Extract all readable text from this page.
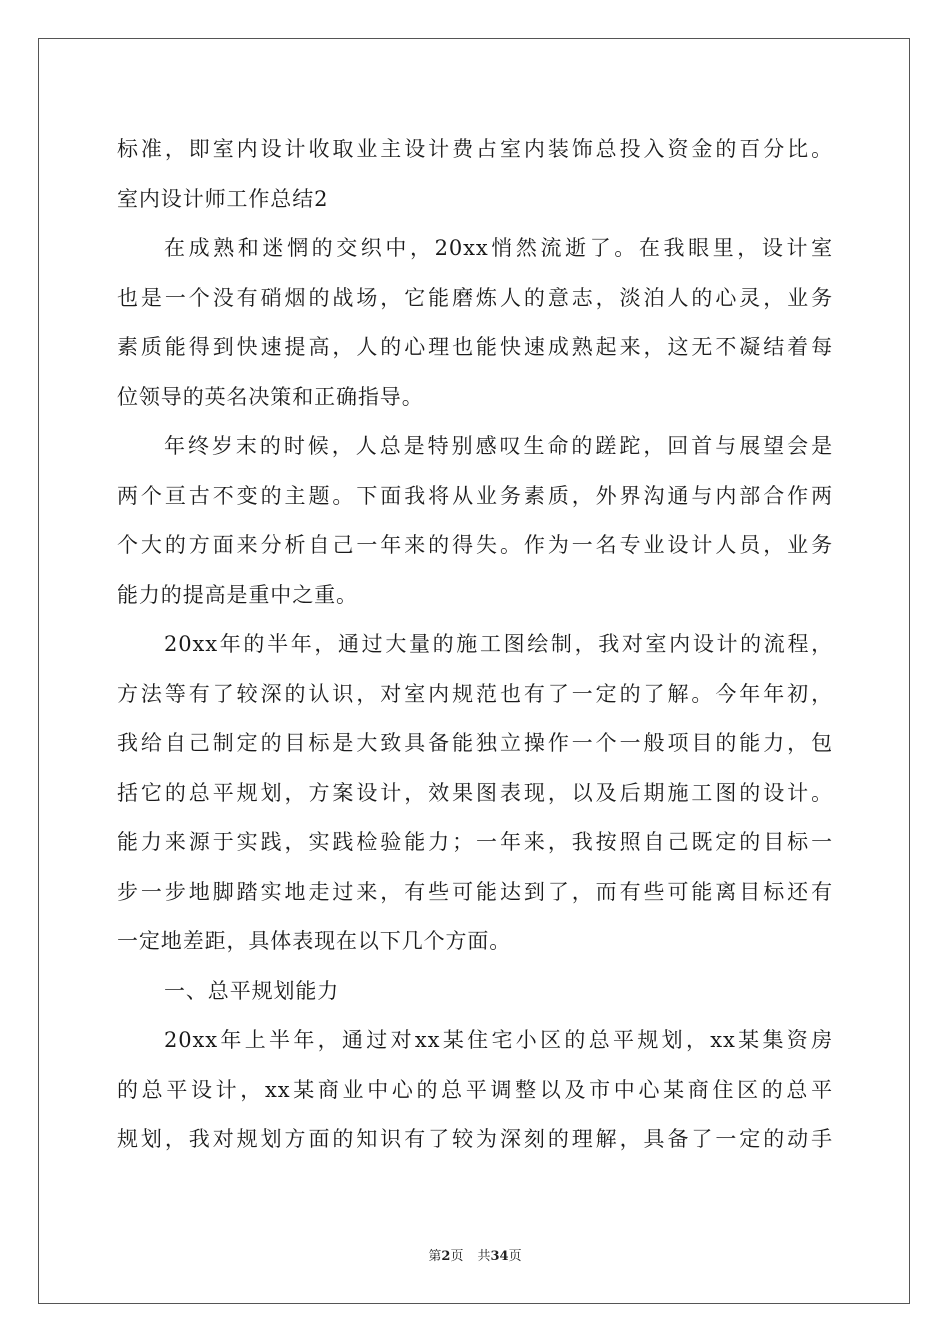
标准，即室内设计收取业主设计费占室内装饰总投入资金的百分比。
室内设计师工作总结2
在成熟和迷惘的交织中，20xx悄然流逝了。在我眼里，设计室
也是一个没有硝烟的战场，它能磨炼人的意志，淡泊人的心灵，业务
素质能得到快速提高，人的心理也能快速成熟起来，这无不凝结着每
位领导的英名决策和正确指导。
年终岁末的时候，人总是特别感叹生命的蹉跎，回首与展望会是
两个亘古不变的主题。下面我将从业务素质，外界沟通与内部合作两
个大的方面来分析自己一年来的得失。作为一名专业设计人员，业务
能力的提高是重中之重。
20xx年的半年，通过大量的施工图绘制，我对室内设计的流程，
方法等有了较深的认识，对室内规范也有了一定的了解。今年年初，
我给自己制定的目标是大致具备能独立操作一个一般项目的能力，包
括它的总平规划，方案设计，效果图表现，以及后期施工图的设计。
能力来源于实践，实践检验能力；一年来，我按照自己既定的目标一
步一步地脚踏实地走过来，有些可能达到了，而有些可能离目标还有
一定地差距，具体表现在以下几个方面。
一、总平规划能力
20xx年上半年，通过对xx某住宅小区的总平规划，xx某集资房
的总平设计，xx某商业中心的总平调整以及市中心某商住区的总平
规划，我对规划方面的知识有了较为深刻的理解，具备了一定的动手
第2页 共34页
